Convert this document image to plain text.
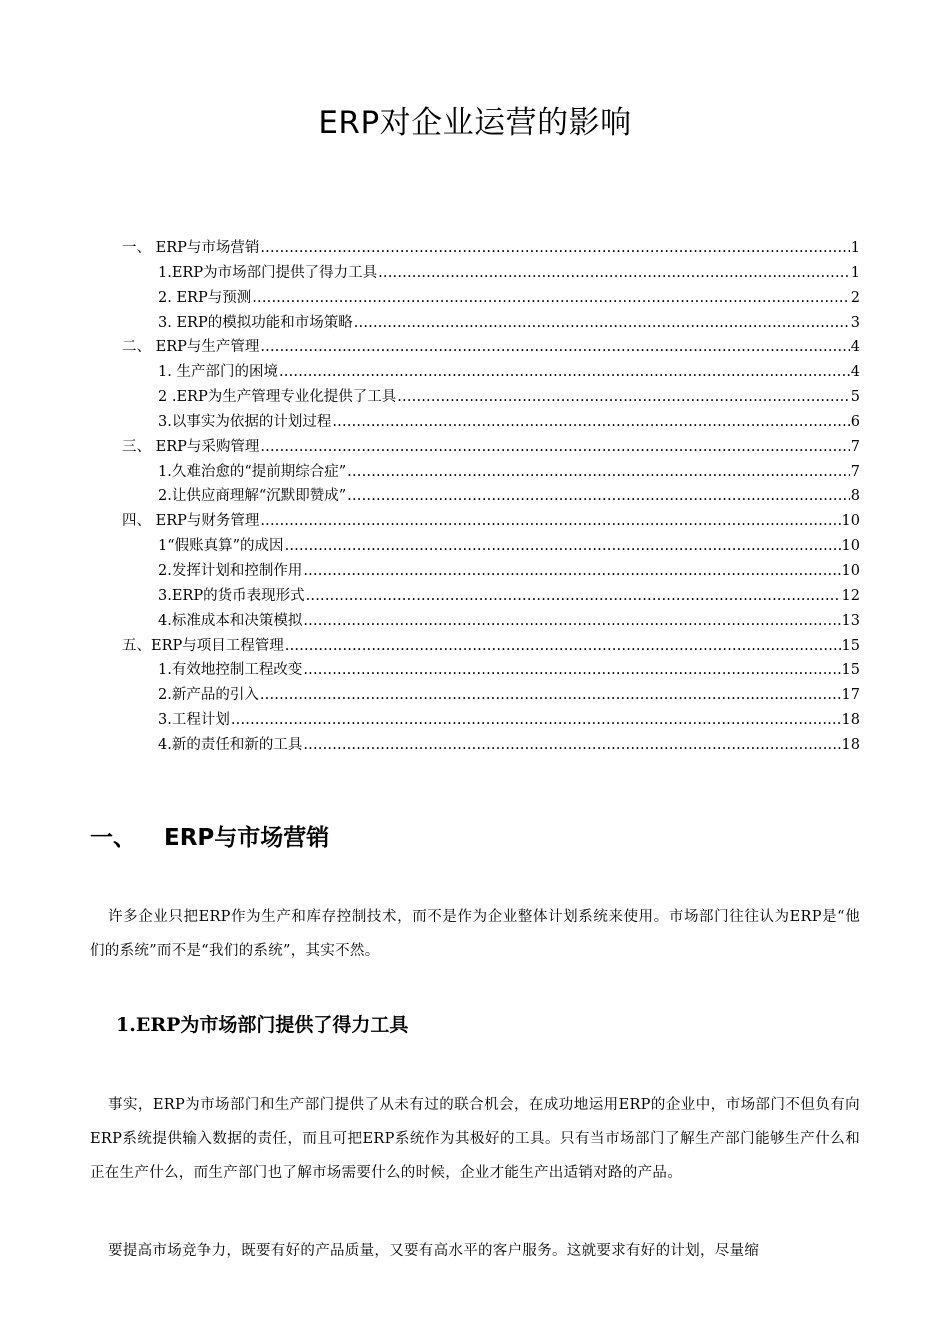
ERP对企业运营的影响
一、 ERP与市场营销 .....	1
1.ERP为市场部门提供了得力工具 .....	1
2. ERP与预测 .....	2
3. ERP的模拟功能和市场策略 .....	3
二、 ERP与生产管理 .....	4
1. 生产部门的困境 .....	4
2 .ERP为生产管理专业化提供了工具 .....	5
3.以事实为依据的计划过程 .....	6
三、 ERP与采购管理 .....	7
1.久难治愈的“提前期综合症” .....	7
2.让供应商理解“沉默即赞成” .....	8
四、 ERP与财务管理 .....	10
1“假账真算”的成因 .....	10
2.发挥计划和控制作用 .....	10
3.ERP的货币表现形式 .....	12
4.标准成本和决策模拟 .....	13
五、ERP与项目工程管理 .....	15
1.有效地控制工程改变 .....	15
2.新产品的引入 .....	17
3.工程计划 .....	18
4.新的责任和新的工具 .....	18
一、 ERP与市场营销
许多企业只把ERP作为生产和库存控制技术，而不是作为企业整体计划系统来使用。市场部门往往认为ERP是“他们的系统”而不是“我们的系统”，其实不然。
1.ERP为市场部门提供了得力工具
事实，ERP为市场部门和生产部门提供了从未有过的联合机会，在成功地运用ERP的企业中，市场部门不但负有向ERP系统提供输入数据的责任，而且可把ERP系统作为其极好的工具。只有当市场部门了解生产部门能够生产什么和正在生产什么，而生产部门也了解市场需要什么的时候，企业才能生产出适销对路的产品。
要提高市场竞争力，既要有好的产品质量，又要有高水平的客户服务。这就要求有好的计划，尽量缩
